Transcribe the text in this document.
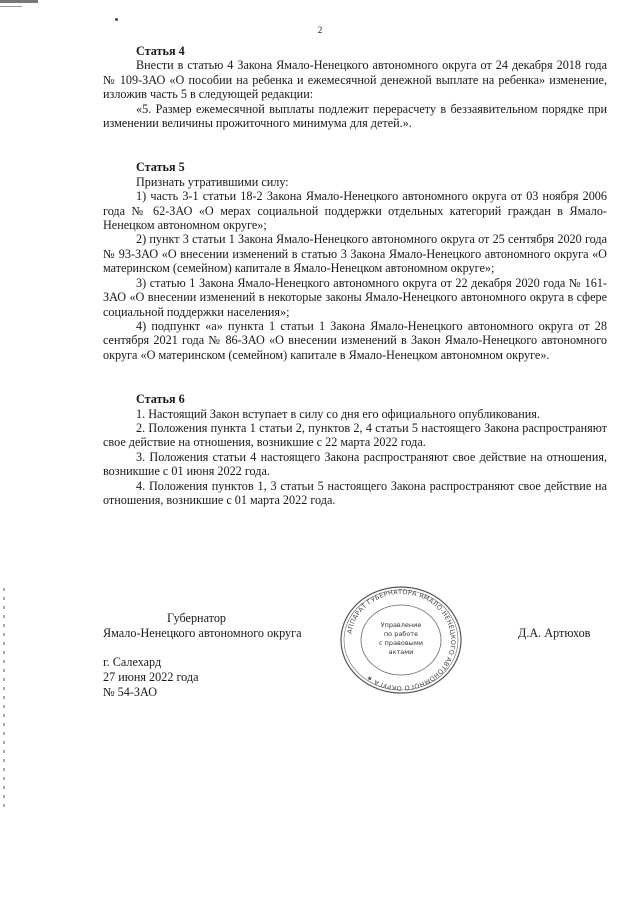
2
Статья 4

Внести в статью 4 Закона Ямало-Ненецкого автономного округа от 24 декабря 2018 года № 109-ЗАО «О пособии на ребенка и ежемесячной денежной выплате на ребенка» изменение, изложив часть 5 в следующей редакции:

«5. Размер ежемесячной выплаты подлежит перерасчету в беззаявительном порядке при изменении величины прожиточного минимума для детей.».

Статья 5

Признать утратившими силу:

1) часть 3-1 статьи 18-2 Закона Ямало-Ненецкого автономного округа от 03 ноября 2006 года № 62-ЗАО «О мерах социальной поддержки отдельных категорий граждан в Ямало-Ненецком автономном округе»;

2) пункт 3 статьи 1 Закона Ямало-Ненецкого автономного округа от 25 сентября 2020 года № 93-ЗАО «О внесении изменений в статью 3 Закона Ямало-Ненецкого автономного округа «О материнском (семейном) капитале в Ямало-Ненецком автономном округе»;

3) статью 1 Закона Ямало-Ненецкого автономного округа от 22 декабря 2020 года № 161-ЗАО «О внесении изменений в некоторые законы Ямало-Ненецкого автономного округа в сфере социальной поддержки населения»;

4) подпункт «а» пункта 1 статьи 1 Закона Ямало-Ненецкого автономного округа от 28 сентября 2021 года № 86-ЗАО «О внесении изменений в Закон Ямало-Ненецкого автономного округа «О материнском (семейном) капитале в Ямало-Ненецком автономном округе».

Статья 6

1. Настоящий Закон вступает в силу со дня его официального опубликования.

2. Положения пункта 1 статьи 2, пунктов 2, 4 статьи 5 настоящего Закона распространяют свое действие на отношения, возникшие с 22 марта 2022 года.

3. Положения статьи 4 настоящего Закона распространяют свое действие на отношения, возникшие с 01 июня 2022 года.

4. Положения пунктов 1, 3 статьи 5 настоящего Закона распространяют свое действие на отношения, возникшие с 01 марта 2022 года.

Губернатор
Ямало-Ненецкого автономного округа	Д.А. Артюхов
АППАРАТ ГУБЕРНАТОРА ЯМАЛО-НЕНЕЦКОГО АВТОНОМНОГО ОКРУГА ★
Управление
по работе
с правовыми
актами
г. Салехард
27 июня 2022 года
№ 54-ЗАО
